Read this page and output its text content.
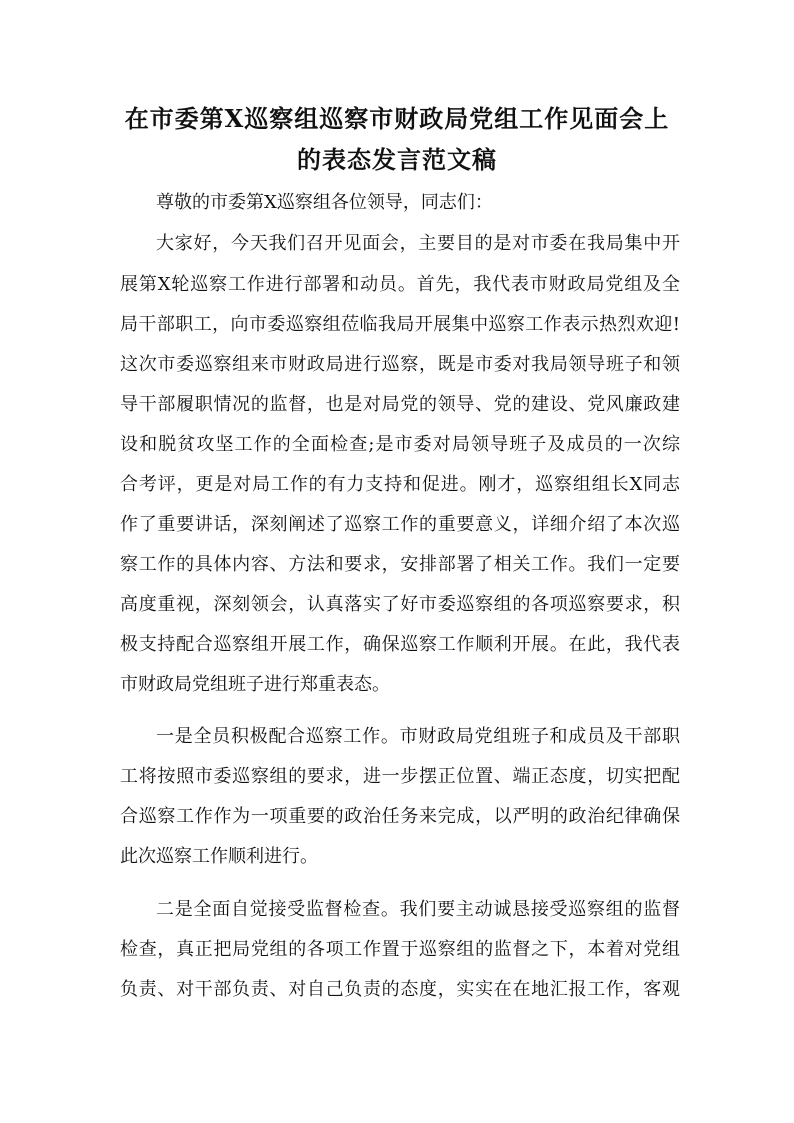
在市委第X巡察组巡察市财政局党组工作见面会上
的表态发言范文稿
尊敬的市委第X巡察组各位领导，同志们：
大家好，今天我们召开见面会，主要目的是对市委在我局集中开
展第X轮巡察工作进行部署和动员。首先，我代表市财政局党组及全
局干部职工，向市委巡察组莅临我局开展集中巡察工作表示热烈欢迎!
这次市委巡察组来市财政局进行巡察，既是市委对我局领导班子和领
导干部履职情况的监督，也是对局党的领导、党的建设、党风廉政建
设和脱贫攻坚工作的全面检查;是市委对局领导班子及成员的一次综
合考评，更是对局工作的有力支持和促进。刚才，巡察组组长X同志
作了重要讲话，深刻阐述了巡察工作的重要意义，详细介绍了本次巡
察工作的具体内容、方法和要求，安排部署了相关工作。我们一定要
高度重视，深刻领会，认真落实了好市委巡察组的各项巡察要求，积
极支持配合巡察组开展工作，确保巡察工作顺利开展。在此，我代表
市财政局党组班子进行郑重表态。
一是全员积极配合巡察工作。市财政局党组班子和成员及干部职
工将按照市委巡察组的要求，进一步摆正位置、端正态度，切实把配
合巡察工作作为一项重要的政治任务来完成，以严明的政治纪律确保
此次巡察工作顺利进行。
二是全面自觉接受监督检查。我们要主动诚恳接受巡察组的监督
检查，真正把局党组的各项工作置于巡察组的监督之下，本着对党组
负责、对干部负责、对自己负责的态度，实实在在地汇报工作，客观
